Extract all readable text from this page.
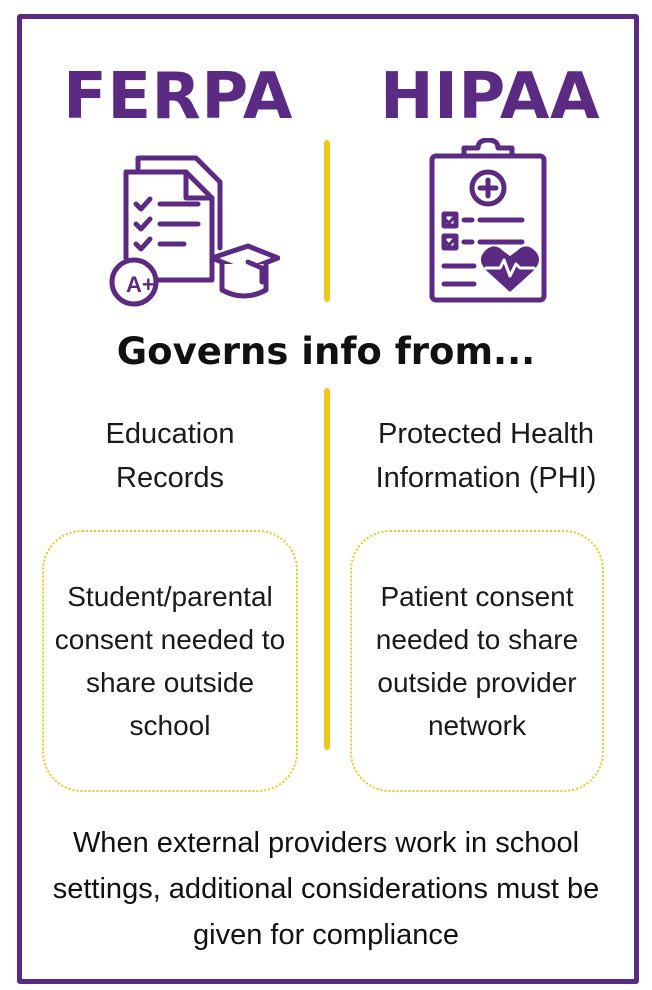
FERPA HIPAA
A+

Governs info from...

Education Records

Protected Health Information (PHI)

Student/parental consent needed to share outside school

Patient consent needed to share outside provider network

When external providers work in school settings, additional considerations must be given for compliance
